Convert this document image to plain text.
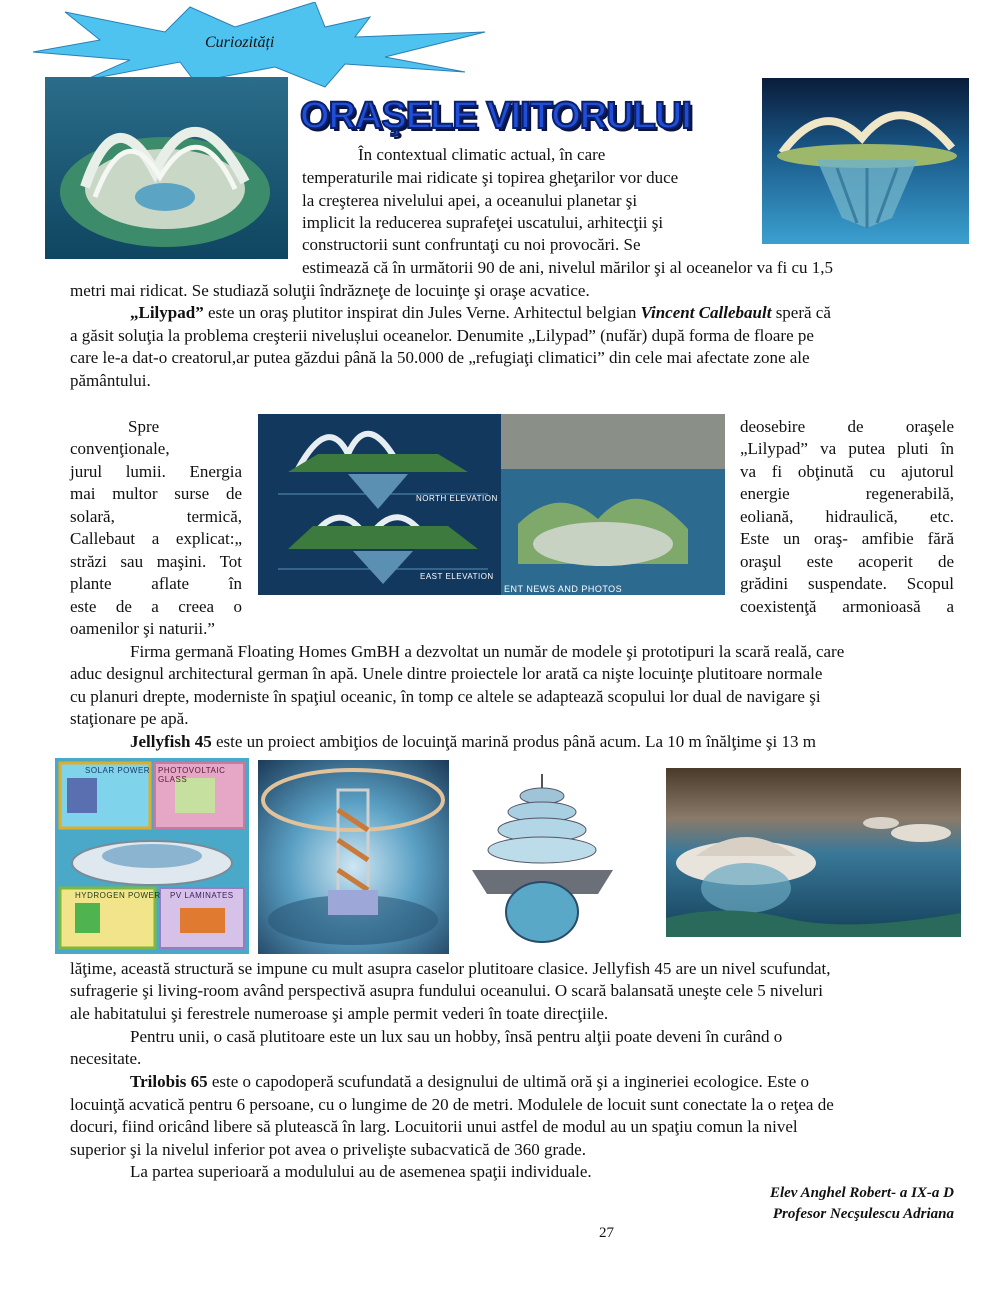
Curiozități
ORAŞELE VIITORULUI
În contextual climatic actual, în care
temperaturile mai ridicate şi topirea gheţarilor vor duce
la creşterea nivelului apei, a oceanului planetar şi
implicit la reducerea suprafeţei uscatului, arhitecţii şi
constructorii sunt confruntaţi cu noi provocări. Se
estimează că în următorii 90 de ani, nivelul mărilor şi al oceanelor va fi cu 1,5
metri mai ridicat. Se studiază soluţii îndrăzneţe de locuinţe şi oraşe acvatice.
„Lilypad” este un oraş plutitor inspirat din Jules Verne. Arhitectul belgian Vincent Callebault speră că
a găsit soluţia la problema creşterii nivelușlui oceanelor. Denumite „Lilypad” (nufăr) după forma de floare pe
care le-a dat-o creatorul,ar putea găzdui până la 50.000 de „refugiaţi climatici” din cele mai afectate zone ale
pământului.
Spre
convenţionale,
jurul lumii. Energia
mai multor surse de
solară, termică,
Callebaut a explicat:„
străzi sau maşini. Tot
plante aflate în
este de a creea o
oamenilor şi naturii.”
NORTH ELEVATION
EAST ELEVATION
ENT NEWS AND PHOTOS
deosebire de oraşele
„Lilypad” va putea pluti în
va fi obţinută cu ajutorul
energie regenerabilă,
eoliană, hidraulică, etc.
Este un oraş- amfibie fără
oraşul este acoperit de
grădini suspendate. Scopul
coexistenţă armonioasă a
Firma germană Floating Homes GmBH a dezvoltat un număr de modele şi prototipuri la scară reală, care
aduc designul architectural german în apă. Unele dintre proiectele lor arată ca nişte locuinţe plutitoare normale
cu planuri drepte, moderniste în spaţiul oceanic, în tomp ce altele se adaptează scopului lor dual de navigare şi
staţionare pe apă.
Jellyfish 45 este un proiect ambiţios de locuinţă marină produs până acum. La 10 m înălţime şi 13 m
SOLAR POWER PHOTOVOLTAIC GLASS
HYDROGEN POWER PV LAMINATES
lăţime, această structură se impune cu mult asupra caselor plutitoare clasice. Jellyfish 45 are un nivel scufundat,
sufragerie şi living-room având perspectivă asupra fundului oceanului. O scară balansată uneşte cele 5 niveluri
ale habitatului şi ferestrele numeroase şi ample permit vederi în toate direcţiile.
Pentru unii, o casă plutitoare este un lux sau un hobby, însă pentru alţii poate deveni în curând o
necesitate.
Trilobis 65 este o capodoperă scufundată a designului de ultimă oră şi a ingineriei ecologice. Este o
locuinţă acvatică pentru 6 persoane, cu o lungime de 20 de metri. Modulele de locuit sunt conectate la o reţea de
docuri, fiind oricând libere să plutească în larg. Locuitorii unui astfel de modul au un spaţiu comun la nivel
superior şi la nivelul inferior pot avea o privelişte subacvatică de 360 grade.
La partea superioară a modulului au de asemenea spaţii individuale.
Elev Anghel Robert- a IX-a D
Profesor Necşulescu Adriana
27
